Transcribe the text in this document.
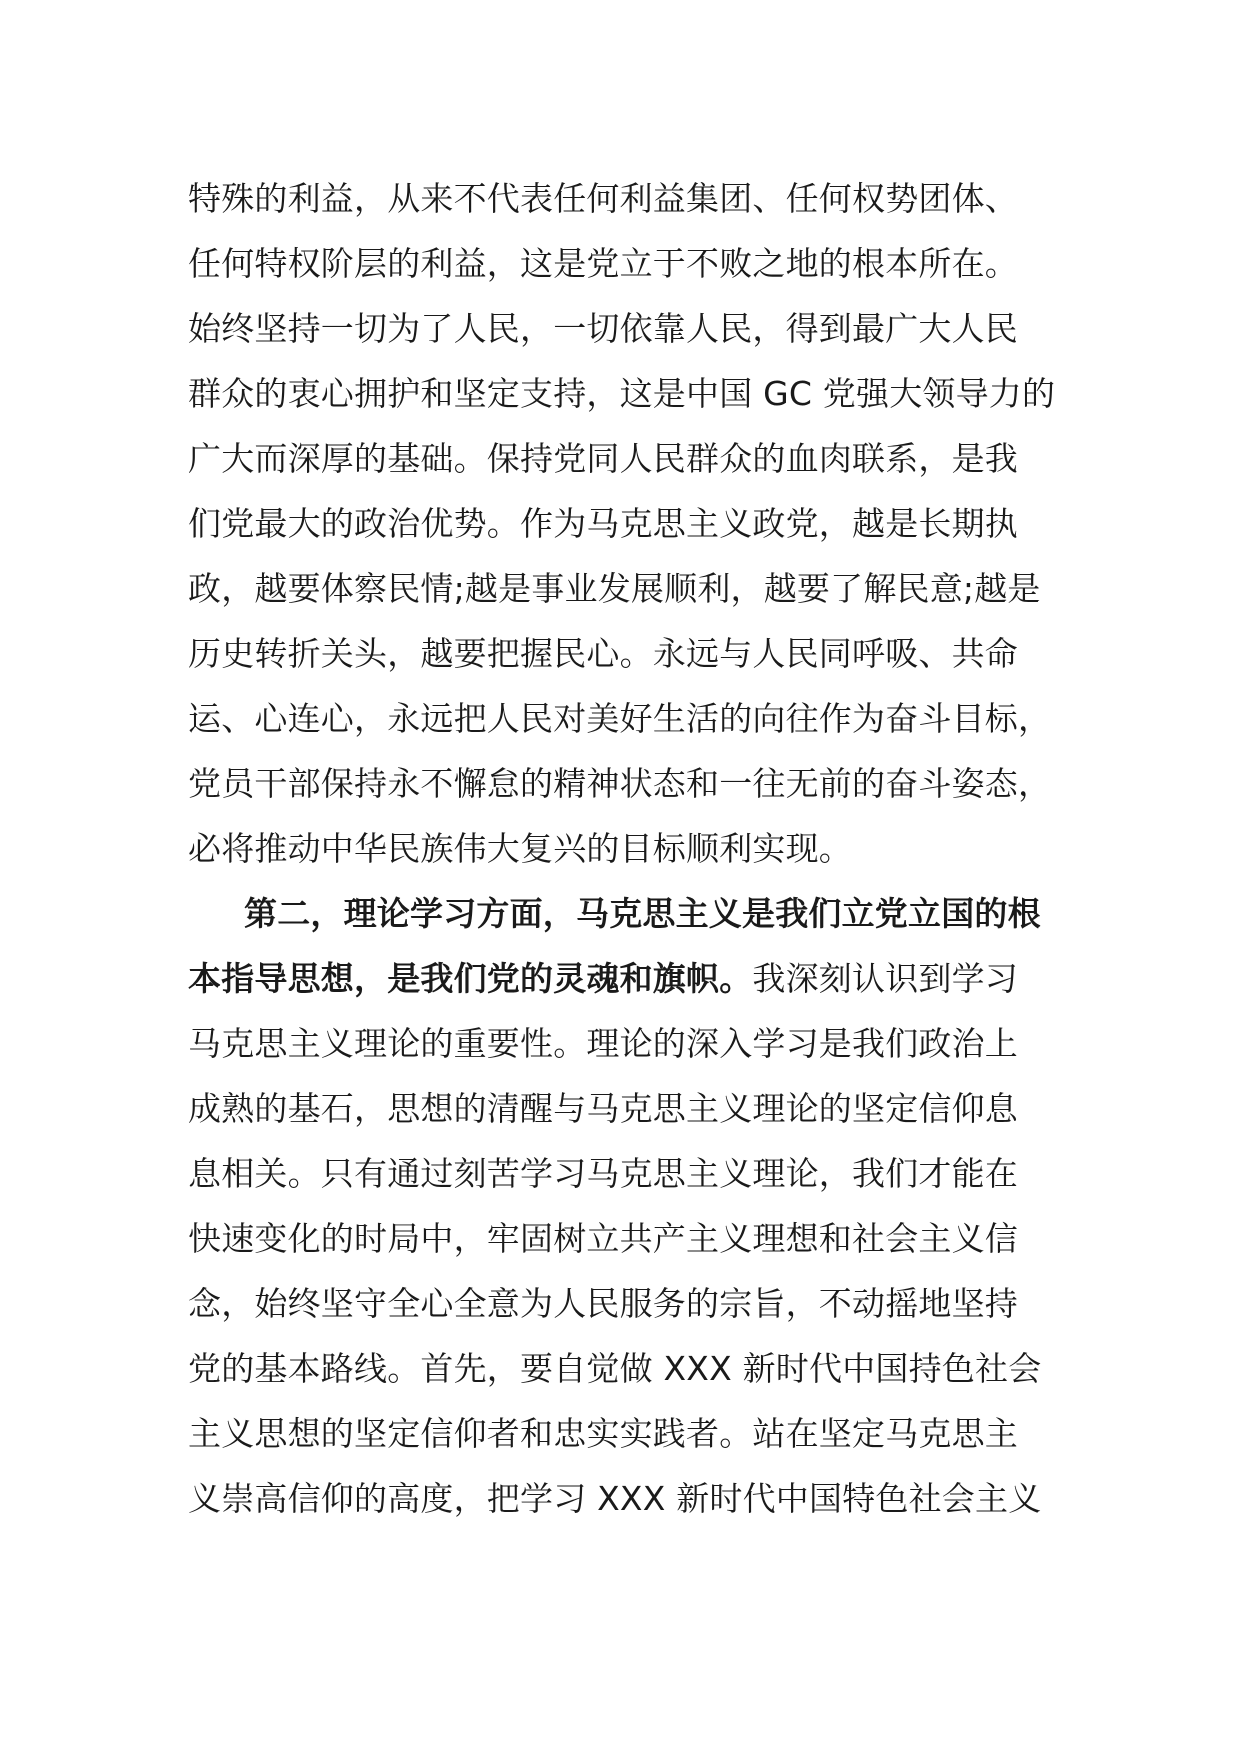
特殊的利益，从来不代表任何利益集团、任何权势团体、
任何特权阶层的利益，这是党立于不败之地的根本所在。
始终坚持一切为了人民，一切依靠人民，得到最广大人民
群众的衷心拥护和坚定支持，这是中国 GC 党强大领导力的
广大而深厚的基础。保持党同人民群众的血肉联系，是我
们党最大的政治优势。作为马克思主义政党，越是长期执
政，越要体察民情;越是事业发展顺利，越要了解民意;越是
历史转折关头，越要把握民心。永远与人民同呼吸、共命
运、心连心，永远把人民对美好生活的向往作为奋斗目标，
党员干部保持永不懈怠的精神状态和一往无前的奋斗姿态，
必将推动中华民族伟大复兴的目标顺利实现。
第二，理论学习方面，马克思主义是我们立党立国的根
本指导思想，是我们党的灵魂和旗帜。我深刻认识到学习
马克思主义理论的重要性。理论的深入学习是我们政治上
成熟的基石，思想的清醒与马克思主义理论的坚定信仰息
息相关。只有通过刻苦学习马克思主义理论，我们才能在
快速变化的时局中，牢固树立共产主义理想和社会主义信
念，始终坚守全心全意为人民服务的宗旨，不动摇地坚持
党的基本路线。首先，要自觉做 XXX 新时代中国持色社会
主义思想的坚定信仰者和忠实实践者。站在坚定马克思主
义崇高信仰的高度，把学习 XXX 新时代中国特色社会主义
